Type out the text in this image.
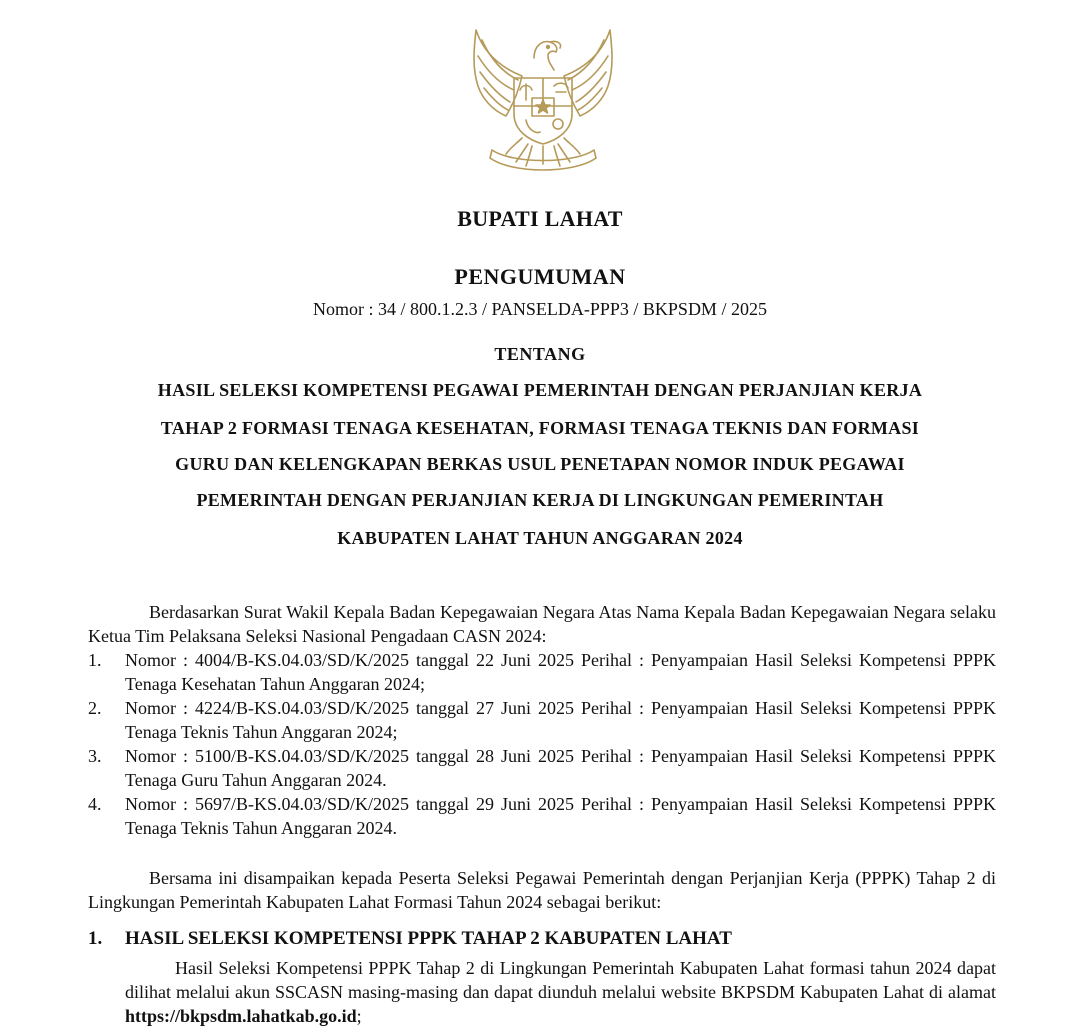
BUPATI LAHAT
PENGUMUMAN
Nomor : 34 / 800.1.2.3 / PANSELDA-PPP3 / BKPSDM / 2025
TENTANG
HASIL SELEKSI KOMPETENSI PEGAWAI PEMERINTAH DENGAN PERJANJIAN KERJA
TAHAP 2 FORMASI TENAGA KESEHATAN, FORMASI TENAGA TEKNIS DAN FORMASI
GURU DAN KELENGKAPAN BERKAS USUL PENETAPAN NOMOR INDUK PEGAWAI
PEMERINTAH DENGAN PERJANJIAN KERJA DI LINGKUNGAN PEMERINTAH
KABUPATEN LAHAT TAHUN ANGGARAN 2024
Berdasarkan Surat Wakil Kepala Badan Kepegawaian Negara Atas Nama Kepala Badan Kepegawaian Negara selaku Ketua Tim Pelaksana Seleksi Nasional Pengadaan CASN 2024:
1. Nomor : 4004/B-KS.04.03/SD/K/2025 tanggal 22 Juni 2025 Perihal : Penyampaian Hasil Seleksi Kompetensi PPPK Tenaga Kesehatan Tahun Anggaran 2024;
2. Nomor : 4224/B-KS.04.03/SD/K/2025 tanggal 27 Juni 2025 Perihal : Penyampaian Hasil Seleksi Kompetensi PPPK Tenaga Teknis Tahun Anggaran 2024;
3. Nomor : 5100/B-KS.04.03/SD/K/2025 tanggal 28 Juni 2025 Perihal : Penyampaian Hasil Seleksi Kompetensi PPPK Tenaga Guru Tahun Anggaran 2024.
4. Nomor : 5697/B-KS.04.03/SD/K/2025 tanggal 29 Juni 2025 Perihal : Penyampaian Hasil Seleksi Kompetensi PPPK Tenaga Teknis Tahun Anggaran 2024.
Bersama ini disampaikan kepada Peserta Seleksi Pegawai Pemerintah dengan Perjanjian Kerja (PPPK) Tahap 2 di Lingkungan Pemerintah Kabupaten Lahat Formasi Tahun 2024 sebagai berikut:
1. HASIL SELEKSI KOMPETENSI PPPK TAHAP 2 KABUPATEN LAHAT
Hasil Seleksi Kompetensi PPPK Tahap 2 di Lingkungan Pemerintah Kabupaten Lahat formasi tahun 2024 dapat dilihat melalui akun SSCASN masing-masing dan dapat diunduh melalui website BKPSDM Kabupaten Lahat di alamat https://bkpsdm.lahatkab.go.id;
